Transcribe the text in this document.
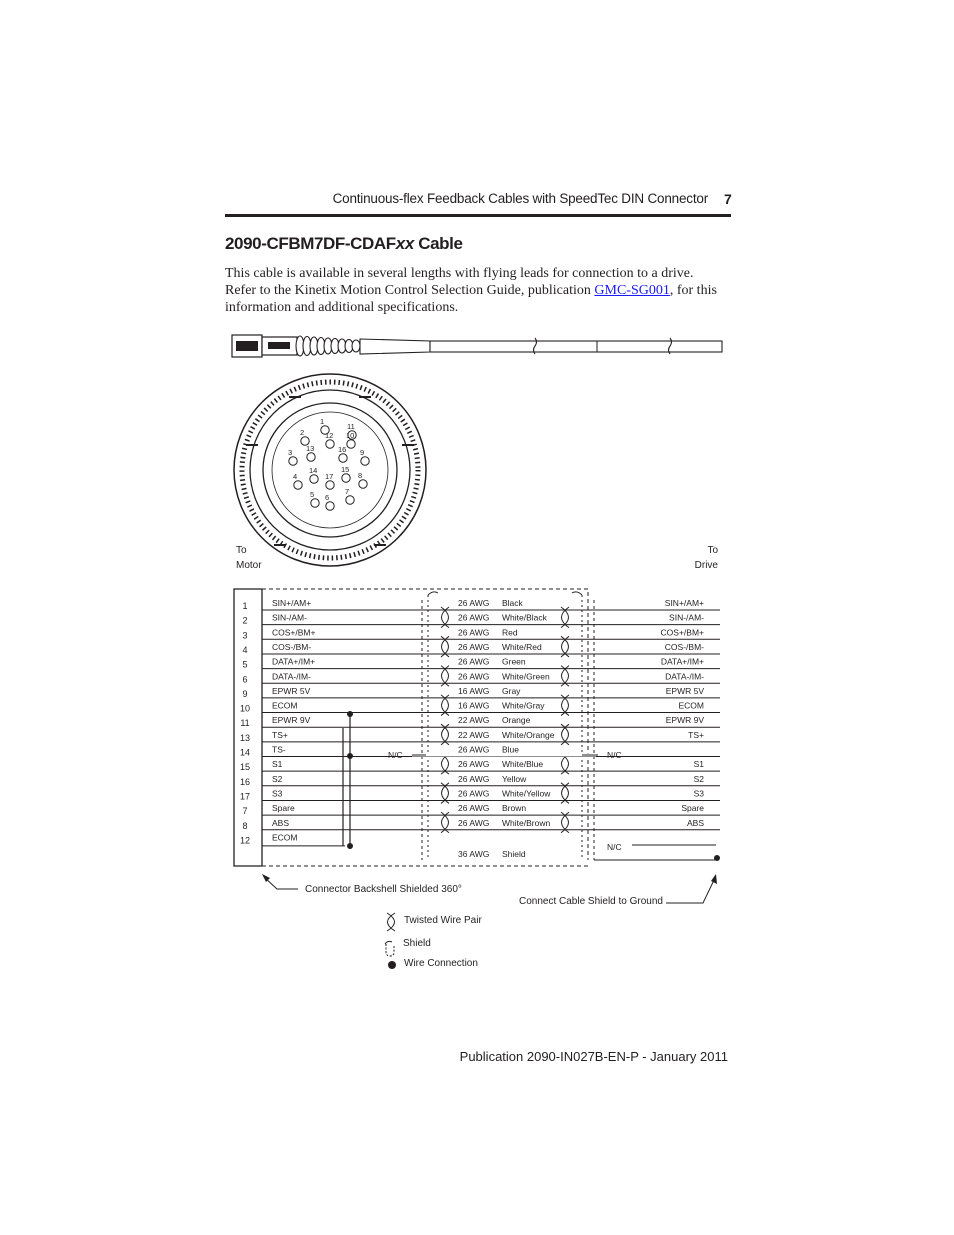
Continuous-flex Feedback Cables with SpeedTec DIN Connector 7
2090-CFBM7DF-CDAFxx Cable
This cable is available in several lengths with flying leads for connection to a drive. Refer to the Kinetix Motion Control Selection Guide, publication GMC-SG001, for this information and additional specifications.
1
2	12 10
3 13	16 9
14
17
15
4	8
5 6
7
11
To
Motor
To
Drive
1	SIN+/AM+	26 AWG Black	SIN+/AM+
2	SIN-/AM-	26 AWG White/Black	SIN-/AM-
3	COS+/BM+	26 AWG Red	COS+/BM+
4	COS-/BM-	26 AWG White/Red	COS-/BM-
5	DATA+/IM+	26 AWG Green	DATA+/IM+
6	DATA-/IM-	26 AWG White/Green	DATA-/IM-
9	EPWR 5V	16 AWG Gray	EPWR 5V
10	ECOM	16 AWG White/Gray	ECOM
11	EPWR 9V	22 AWG Orange	EPWR 9V
13	TS+	22 AWG White/Orange	TS+
14	TS-	26 AWG Blue
15	S1	26 AWG White/Blue	S1
16	S2	26 AWG Yellow	S2
17	S3	26 AWG White/Yellow	S3
7	Spare	26 AWG Brown	Spare
8	ABS	26 AWG White/Brown	ABS
12	ECOM
N/C	N/C
36 AWG Shield
N/C
Connector Backshell Shielded 360°
Connect Cable Shield to Ground
Twisted Wire Pair
Shield
Wire Connection
Publication 2090-IN027B-EN-P - January 2011
